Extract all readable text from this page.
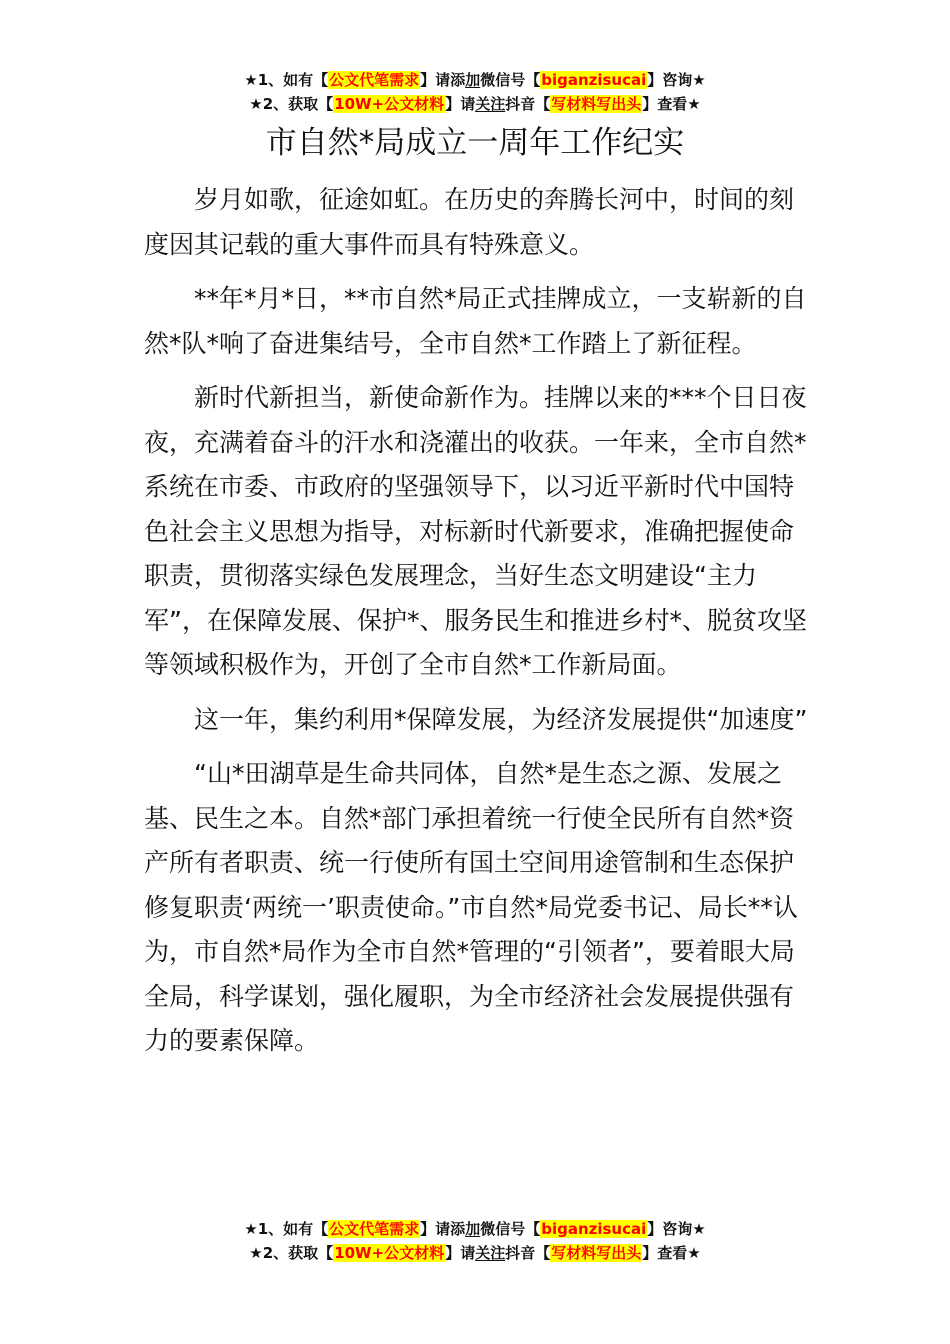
★1、如有【公文代笔需求】请添加微信号【biganzisucai】咨询★
★2、获取【10W+公文材料】请关注抖音【写材料写出头】查看★
市自然*局成立一周年工作纪实

岁月如歌，征途如虹。在历史的奔腾长河中，时间的刻度因其记载的重大事件而具有特殊意义。

**年*月*日，**市自然*局正式挂牌成立，一支崭新的自然*队*响了奋进集结号，全市自然*工作踏上了新征程。

新时代新担当，新使命新作为。挂牌以来的***个日日夜夜，充满着奋斗的汗水和浇灌出的收获。一年来，全市自然*系统在市委、市政府的坚强领导下，以习近平新时代中国特色社会主义思想为指导，对标新时代新要求，准确把握使命职责，贯彻落实绿色发展理念，当好生态文明建设“主力军”，在保障发展、保护*、服务民生和推进乡村*、脱贫攻坚等领域积极作为，开创了全市自然*工作新局面。

这一年，集约利用*保障发展，为经济发展提供“加速度”

“山*田湖草是生命共同体，自然*是生态之源、发展之基、民生之本。自然*部门承担着统一行使全民所有自然*资产所有者职责、统一行使所有国土空间用途管制和生态保护修复职责‘两统一’职责使命。”市自然*局党委书记、局长**认为，市自然*局作为全市自然*管理的“引领者”，要着眼大局全局，科学谋划，强化履职，为全市经济社会发展提供强有力的要素保障。

★1、如有【公文代笔需求】请添加微信号【biganzisucai】咨询★
★2、获取【10W+公文材料】请关注抖音【写材料写出头】查看★
